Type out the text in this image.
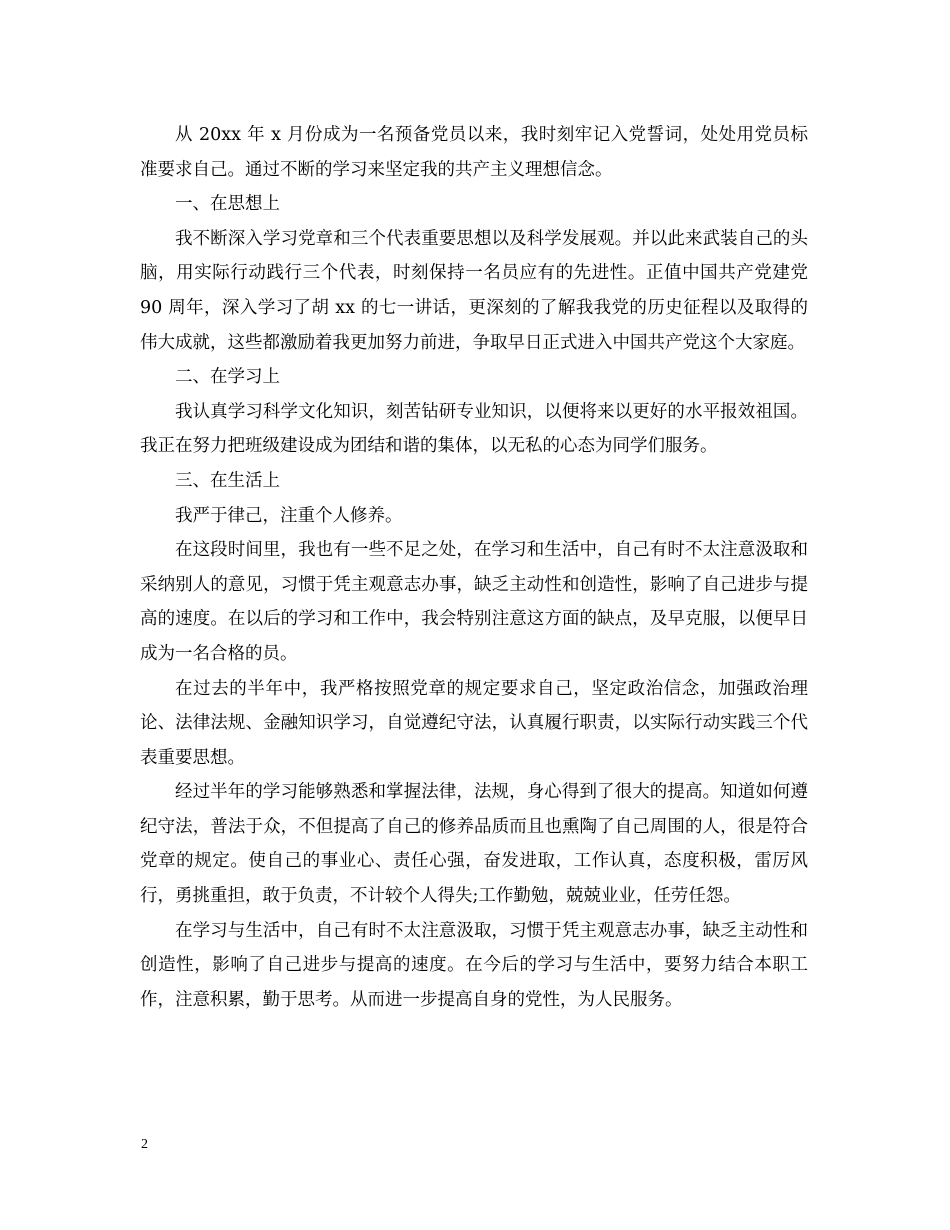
从 20xx 年 x 月份成为一名预备党员以来，我时刻牢记入党誓词，处处用党员标准要求自己。通过不断的学习来坚定我的共产主义理想信念。

一、在思想上

我不断深入学习党章和三个代表重要思想以及科学发展观。并以此来武装自己的头脑，用实际行动践行三个代表，时刻保持一名员应有的先进性。正值中国共产党建党 90 周年，深入学习了胡 xx 的七一讲话，更深刻的了解我我党的历史征程以及取得的伟大成就，这些都激励着我更加努力前进，争取早日正式进入中国共产党这个大家庭。

二、在学习上

我认真学习科学文化知识，刻苦钻研专业知识，以便将来以更好的水平报效祖国。我正在努力把班级建设成为团结和谐的集体，以无私的心态为同学们服务。

三、在生活上

我严于律己，注重个人修养。

在这段时间里，我也有一些不足之处，在学习和生活中，自己有时不太注意汲取和采纳别人的意见，习惯于凭主观意志办事，缺乏主动性和创造性，影响了自己进步与提高的速度。在以后的学习和工作中，我会特别注意这方面的缺点，及早克服，以便早日成为一名合格的员。

在过去的半年中，我严格按照党章的规定要求自己，坚定政治信念，加强政治理论、法律法规、金融知识学习，自觉遵纪守法，认真履行职责，以实际行动实践三个代表重要思想。

经过半年的学习能够熟悉和掌握法律，法规，身心得到了很大的提高。知道如何遵纪守法，普法于众，不但提高了自己的修养品质而且也熏陶了自己周围的人，很是符合党章的规定。使自己的事业心、责任心强，奋发进取，工作认真，态度积极，雷厉风行，勇挑重担，敢于负责，不计较个人得失;工作勤勉，兢兢业业，任劳任怨。

在学习与生活中，自己有时不太注意汲取，习惯于凭主观意志办事，缺乏主动性和创造性，影响了自己进步与提高的速度。在今后的学习与生活中，要努力结合本职工作，注意积累，勤于思考。从而进一步提高自身的党性，为人民服务。

2
